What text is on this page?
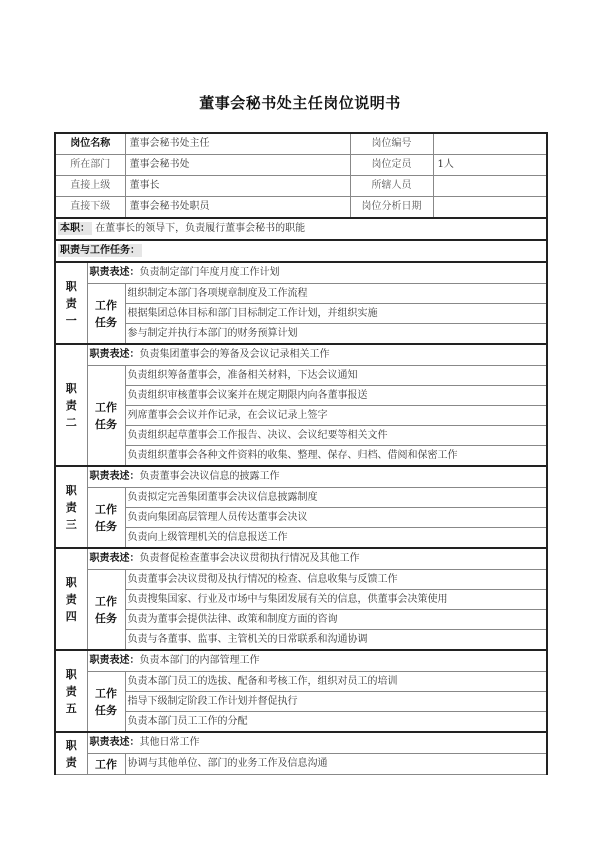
董事会秘书处主任岗位说明书
岗位名称		董事会秘书处主任	岗位编号	
所在部门		董事会秘书处	岗位定员	1人
直接上级		董事长	所辖人员	
直接下级		董事会秘书处职员	岗位分析日期	
本职： 在董事长的领导下，负责履行董事会秘书的职能				
职责与工作任务：				

职
责
一	职责表述：负责制定部门年度月度工作计划			

	工作
任务	组织制定本部门各项规章制度及工作流程		
		根据集团总体目标和部门目标制定工作计划，并组织实施		
		参与制定并执行本部门的财务预算计划		

职
责
二	职责表述：负责集团董事会的筹备及会议记录相关工作			

	工作
任务	负责组织筹备董事会，准备相关材料，下达会议通知		
		负责组织审核董事会议案并在规定期限内向各董事报送		
		列席董事会会议并作记录，在会议记录上签字		
		负责组织起草董事会工作报告、决议、会议纪要等相关文件		
		负责组织董事会各种文件资料的收集、整理、保存、归档、借阅和保密工作		

职
责
三	职责表述：负责董事会决议信息的披露工作			

	工作
任务	负责拟定完善集团董事会决议信息披露制度		
		负责向集团高层管理人员传达董事会决议		
		负责向上级管理机关的信息报送工作		

职
责
四	职责表述：负责督促检查董事会决议贯彻执行情况及其他工作			

	工作
任务	负责董事会决议贯彻及执行情况的检查、信息收集与反馈工作		
		负责搜集国家、行业及市场中与集团发展有关的信息，供董事会决策使用		
		负责为董事会提供法律、政策和制度方面的咨询		
		负责与各董事、监事、主管机关的日常联系和沟通协调		

职
责
五	职责表述：负责本部门的内部管理工作			

	工作
任务	负责本部门员工的选拔、配备和考核工作，组织对员工的培训		
		指导下级制定阶段工作计划并督促执行		
		负责本部门员工工作的分配		

职
责	职责表述：其他日常工作			

	工作	协调与其他单位、部门的业务工作及信息沟通		
